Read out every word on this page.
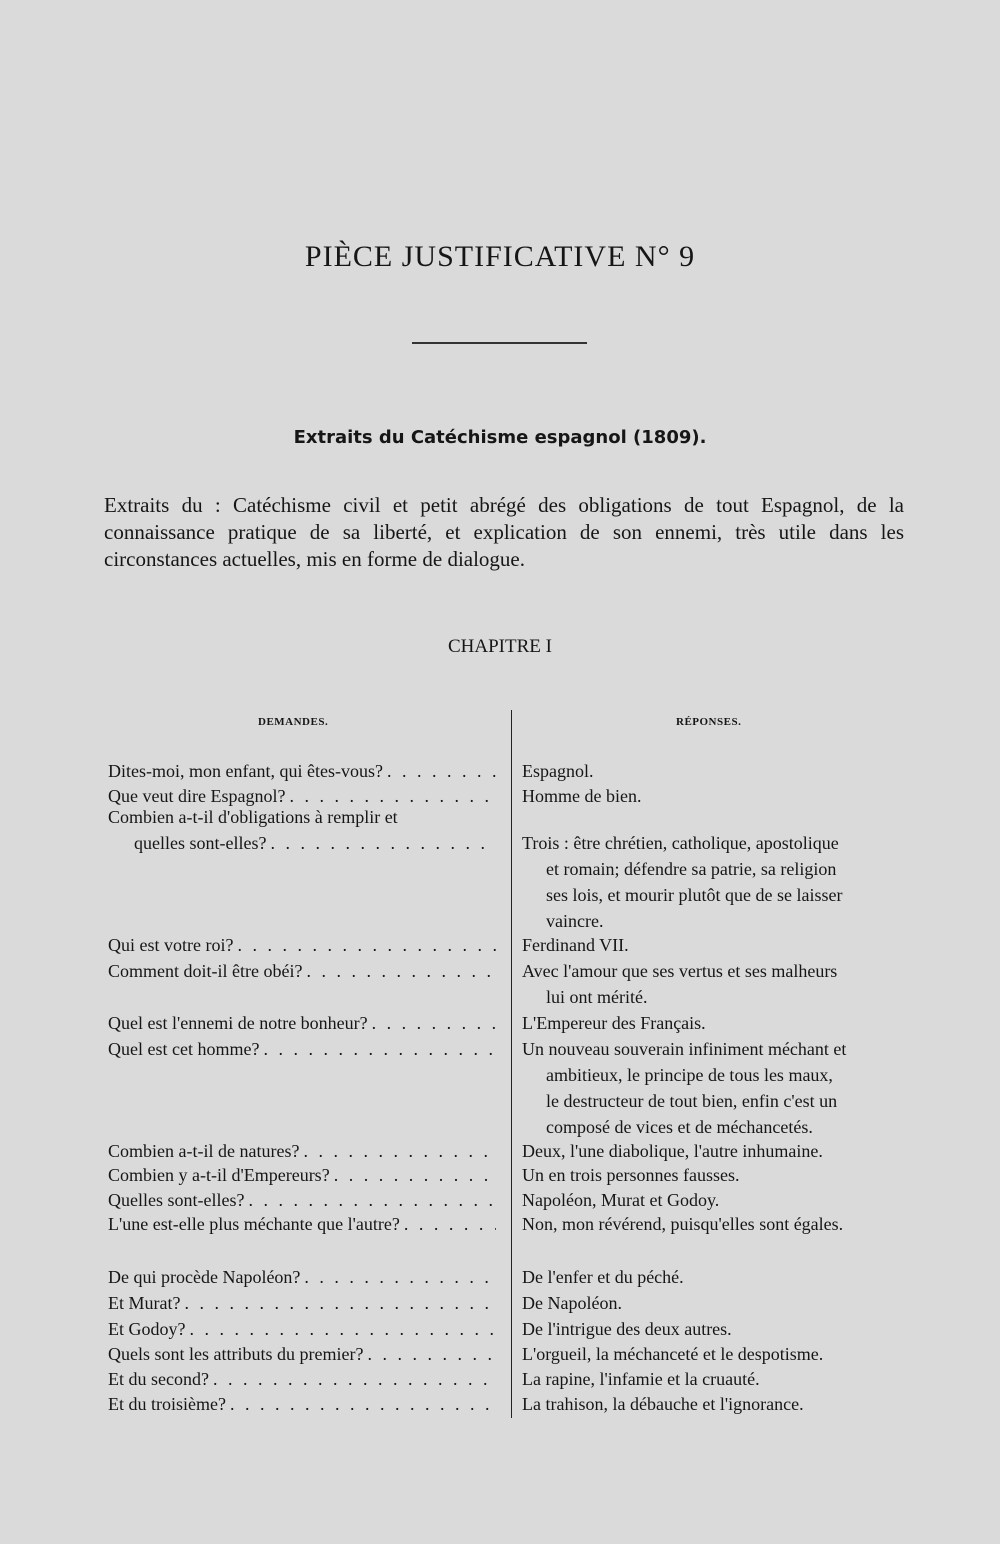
PIÈCE JUSTIFICATIVE N° 9
Extraits du Catéchisme espagnol (1809).
Extraits du : Catéchisme civil et petit abrégé des obligations de tout Espagnol, de la connaissance pratique de sa liberté, et explication de son ennemi, très utile dans les circonstances actuelles, mis en forme de dialogue.
CHAPITRE I
DEMANDES.	RÉPONSES.
Dites-moi, mon enfant, qui êtes-vous? . . .	Espagnol.
Que veut dire Espagnol? . . .	Homme de bien.
Combien a-t-il d'obligations à remplir et
quelles sont-elles? . . .	Trois : être chrétien, catholique, apostolique
et romain; défendre sa patrie, sa religion
ses lois, et mourir plutôt que de se laisser
vaincre.
Qui est votre roi? . . .	Ferdinand VII.
Comment doit-il être obéi? . . .	Avec l'amour que ses vertus et ses malheurs
lui ont mérité.
Quel est l'ennemi de notre bonheur? . . .	L'Empereur des Français.
Quel est cet homme? . . .	Un nouveau souverain infiniment méchant et
ambitieux, le principe de tous les maux,
le destructeur de tout bien, enfin c'est un
composé de vices et de méchancetés.
Combien a-t-il de natures? . . .	Deux, l'une diabolique, l'autre inhumaine.
Combien y a-t-il d'Empereurs? . . .	Un en trois personnes fausses.
Quelles sont-elles? . . .	Napoléon, Murat et Godoy.
L'une est-elle plus méchante que l'autre? . . .	Non, mon révérend, puisqu'elles sont égales.
De qui procède Napoléon? . . .	De l'enfer et du péché.
Et Murat? . . .	De Napoléon.
Et Godoy? . . .	De l'intrigue des deux autres.
Quels sont les attributs du premier? . . .	L'orgueil, la méchanceté et le despotisme.
Et du second? . . .	La rapine, l'infamie et la cruauté.
Et du troisième? . . .	La trahison, la débauche et l'ignorance.
